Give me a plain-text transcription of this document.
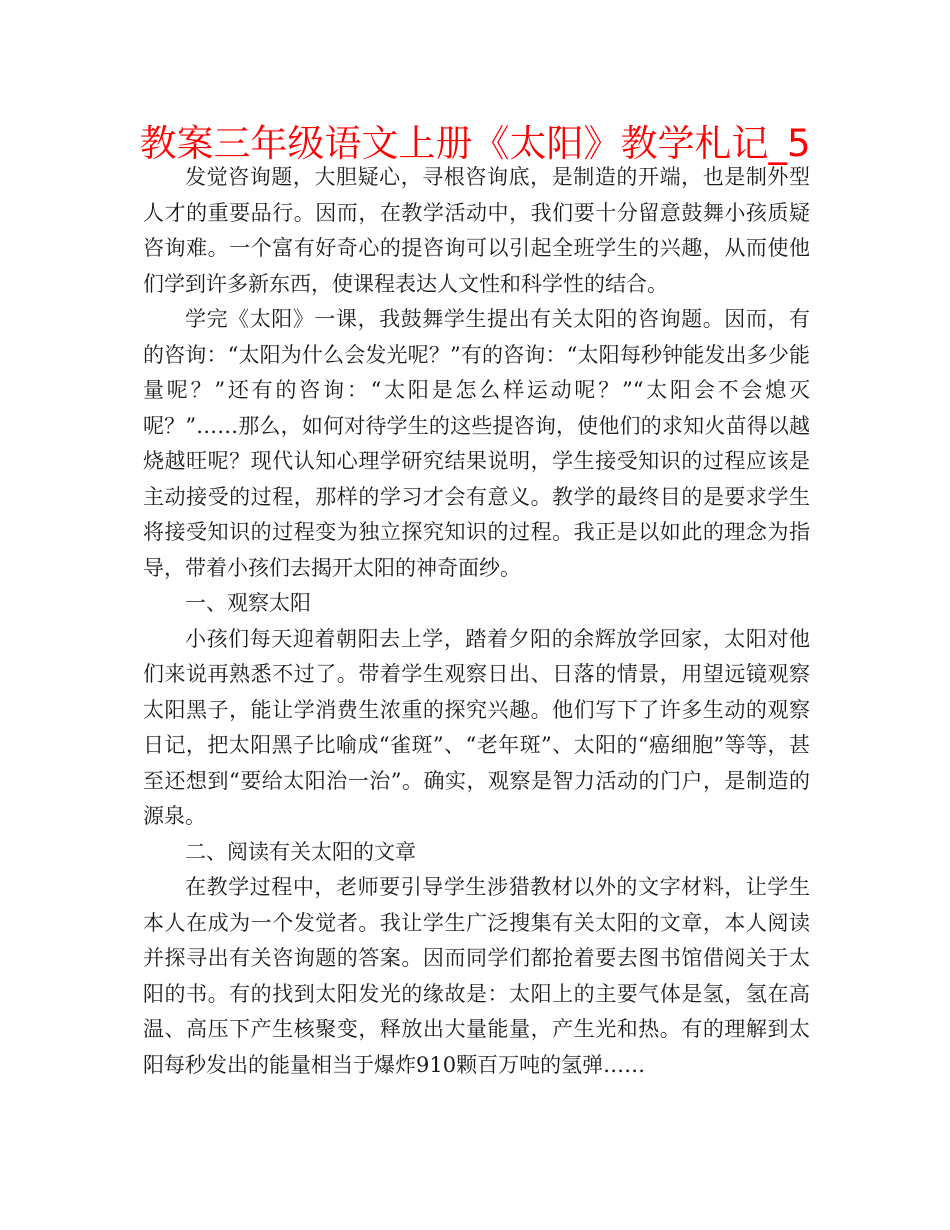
教案三年级语文上册《太阳》教学札记_5

发觉咨询题，大胆疑心，寻根咨询底，是制造的开端，也是制外型人才的重要品行。因而，在教学活动中，我们要十分留意鼓舞小孩质疑咨询难。一个富有好奇心的提咨询可以引起全班学生的兴趣，从而使他们学到许多新东西，使课程表达人文性和科学性的结合。

学完《太阳》一课，我鼓舞学生提出有关太阳的咨询题。因而，有的咨询：“太阳为什么会发光呢？”有的咨询：“太阳每秒钟能发出多少能量呢？”还有的咨询：“太阳是怎么样运动呢？”“太阳会不会熄灭呢？”……那么，如何对待学生的这些提咨询，使他们的求知火苗得以越烧越旺呢？现代认知心理学研究结果说明，学生接受知识的过程应该是主动接受的过程，那样的学习才会有意义。教学的最终目的是要求学生将接受知识的过程变为独立探究知识的过程。我正是以如此的理念为指导，带着小孩们去揭开太阳的神奇面纱。

一、观察太阳

小孩们每天迎着朝阳去上学，踏着夕阳的余辉放学回家，太阳对他们来说再熟悉不过了。带着学生观察日出、日落的情景，用望远镜观察太阳黑子，能让学消费生浓重的探究兴趣。他们写下了许多生动的观察日记，把太阳黑子比喻成“雀斑”、“老年斑”、太阳的“癌细胞”等等，甚至还想到“要给太阳治一治”。确实，观察是智力活动的门户，是制造的源泉。

二、阅读有关太阳的文章

在教学过程中，老师要引导学生涉猎教材以外的文字材料，让学生本人在成为一个发觉者。我让学生广泛搜集有关太阳的文章，本人阅读并探寻出有关咨询题的答案。因而同学们都抢着要去图书馆借阅关于太阳的书。有的找到太阳发光的缘故是：太阳上的主要气体是氢，氢在高温、高压下产生核聚变，释放出大量能量，产生光和热。有的理解到太阳每秒发出的能量相当于爆炸910颗百万吨的氢弹……
